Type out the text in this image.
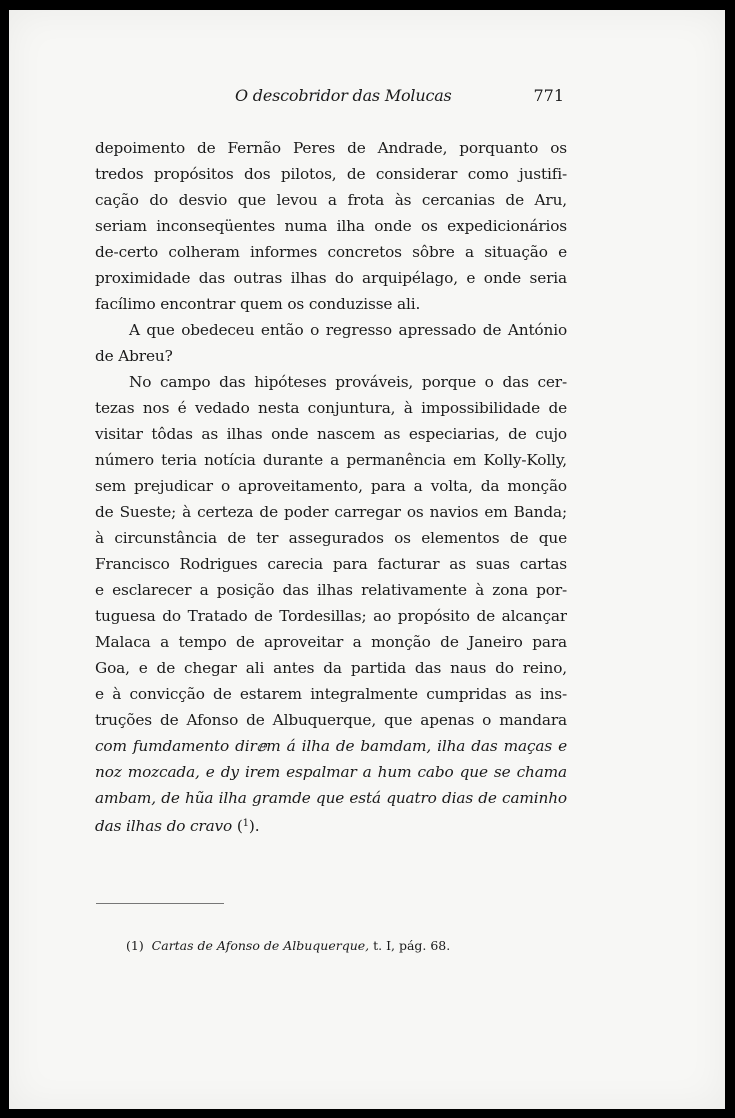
O descobridor das Molucas	771
depoimento de Fernão Peres de Andrade, porquanto os
tredos propósitos dos pilotos, de considerar como justifi-
cação do desvio que levou a frota às cercanias de Aru,
seriam inconseqüentes numa ilha onde os expedicionários
de-certo colheram informes concretos sôbre a situação e
proximidade das outras ilhas do arquipélago, e onde seria
facílimo encontrar quem os conduzisse ali.
A que obedeceu então o regresso apressado de António
de Abreu?
No campo das hipóteses prováveis, porque o das cer-
tezas nos é vedado nesta conjuntura, à impossibilidade de
visitar tôdas as ilhas onde nascem as especiarias, de cujo
número teria notícia durante a permanência em Kolly-Kolly,
sem prejudicar o aproveitamento, para a volta, da monção
de Sueste; à certeza de poder carregar os navios em Banda;
à circunstância de ter assegurados os elementos de que
Francisco Rodrigues carecia para facturar as suas cartas
e esclarecer a posição das ilhas relativamente à zona por-
tuguesa do Tratado de Tordesillas; ao propósito de alcançar
Malaca a tempo de aproveitar a monção de Janeiro para
Goa, e de chegar ali antes da partida das naus do reino,
e à convicção de estarem integralmente cumpridas as ins-
truções de Afonso de Albuquerque, que apenas o mandara
com fumdamento dirⅇm á ilha de bamdam, ilha das maças e
noz mozcada, e dy irem espalmar a hum cabo que se chama
ambam, de hũa ilha gramde que está quatro dias de caminho
das ilhas do cravo ($^1$).
(1) Cartas de Afonso de Albuquerque, t. I, pág. 68.
